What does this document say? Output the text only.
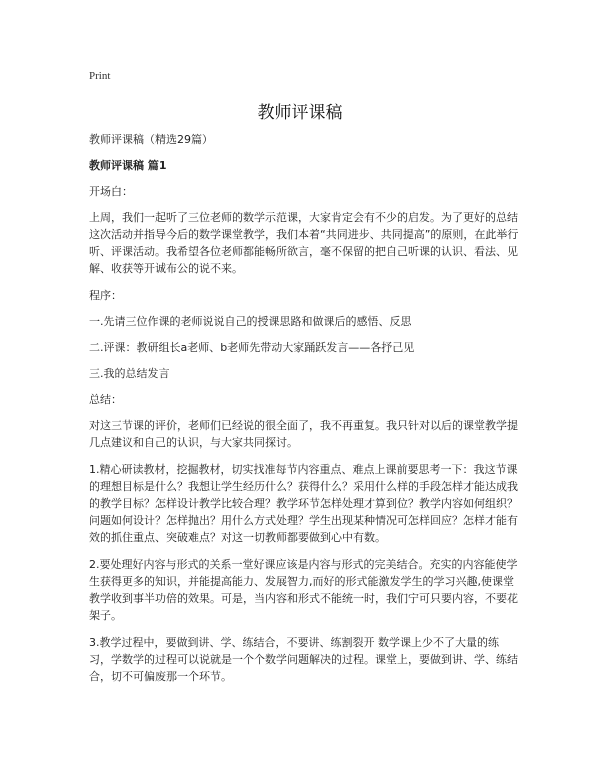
Print
教师评课稿

教师评课稿（精选29篇）

教师评课稿 篇1

开场白：

上周，我们一起听了三位老师的数学示范课，大家肯定会有不少的启发。为了更好的总结这次活动并指导今后的数学课堂教学，我们本着“共同进步、共同提高”的原则，在此举行听、评课活动。我希望各位老师都能畅所欲言，毫不保留的把自己听课的认识、看法、见解、收获等开诚布公的说不来。

程序：

一.先请三位作课的老师说说自己的授课思路和做课后的感悟、反思

二.评课：教研组长a老师、b老师先带动大家踊跃发言——各抒己见

三.我的总结发言

总结：

对这三节课的评价，老师们已经说的很全面了，我不再重复。我只针对以后的课堂教学提几点建议和自己的认识，与大家共同探讨。

1.精心研读教材，挖掘教材，切实找准每节内容重点、难点上课前要思考一下：我这节课的理想目标是什么？我想让学生经历什么？获得什么？采用什么样的手段怎样才能达成我的教学目标？怎样设计教学比较合理？教学环节怎样处理才算到位？教学内容如何组织？问题如何设计？怎样抛出？用什么方式处理？学生出现某种情况可怎样回应？怎样才能有效的抓住重点、突破难点？对这一切教师都要做到心中有数。

2.要处理好内容与形式的关系一堂好课应该是内容与形式的完美结合。充实的内容能使学生获得更多的知识，并能提高能力、发展智力,而好的形式能激发学生的学习兴趣,使课堂教学收到事半功倍的效果。可是，当内容和形式不能统一时，我们宁可只要内容，不要花架子。

3.教学过程中，要做到讲、学、练结合，不要讲、练割裂开 数学课上少不了大量的练习，学数学的过程可以说就是一个个数学问题解决的过程。课堂上，要做到讲、学、练结合，切不可偏废那一个环节。
